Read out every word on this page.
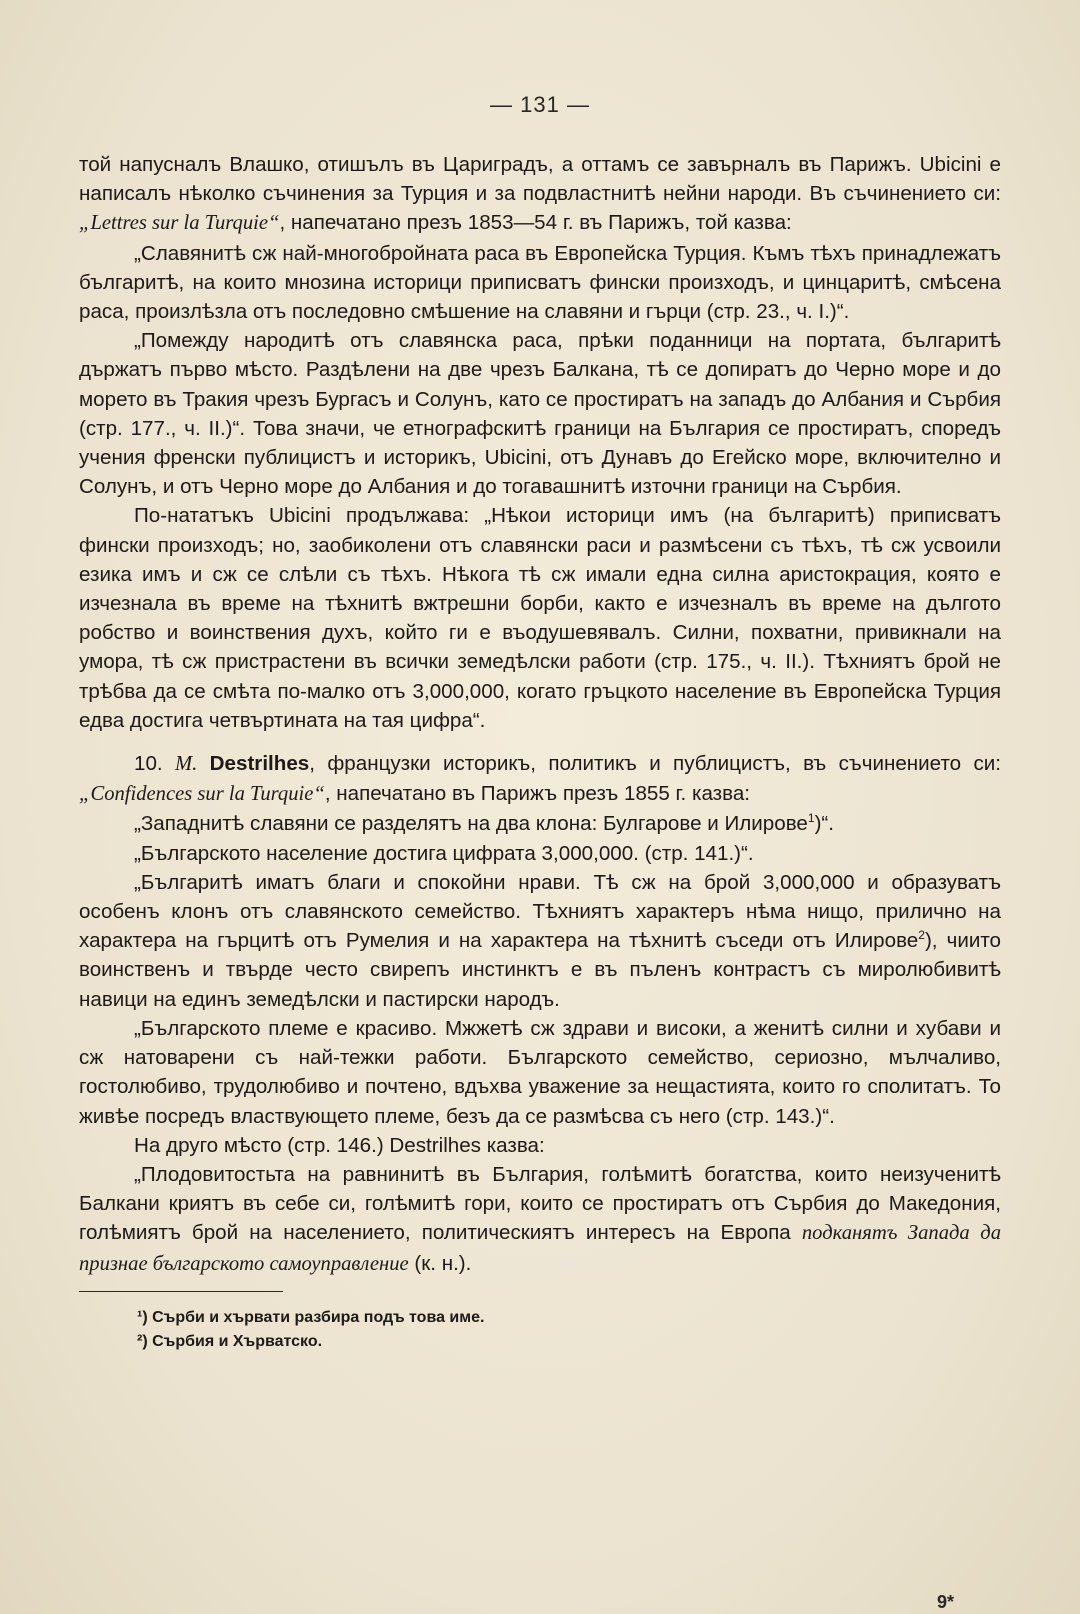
— 131 —

той напусналъ Влашко, отишълъ въ Цариградъ, а оттамъ се завърналъ въ Парижъ. Ubicini е написалъ нѣколко съчинения за Турция и за подвластнитѣ нейни народи. Въ съчинението си: „Lettres sur la Turquie“, напечатано презъ 1853—54 г. въ Парижъ, той казва:

„Славянитѣ сж най-многобройната раса въ Европейска Турция. Къмъ тѣхъ принадлежатъ българитѣ, на които мнозина историци приписватъ фински произходъ, и цинцаритѣ, смѣсена раса, произлѣзла отъ последовно смѣшение на славяни и гърци (стр. 23., ч. I.)“.

„Помежду народитѣ отъ славянска раса, прѣки поданници на портата, българитѣ държатъ първо мѣсто. Раздѣлени на две чрезъ Балкана, тѣ се допиратъ до Черно море и до морето въ Тракия чрезъ Бургасъ и Солунъ, като се простиратъ на западъ до Албания и Сърбия (стр. 177., ч. II.)“. Това значи, че етнографскитѣ граници на България се простиратъ, споредъ учения френски публицистъ и историкъ, Ubicini, отъ Дунавъ до Егейско море, включително и Солунъ, и отъ Черно море до Албания и до тогавашнитѣ източни граници на Сърбия.

По-нататъкъ Ubicini продължава: „Нѣкои историци имъ (на българитѣ) приписватъ фински произходъ; но, заобиколени отъ славянски раси и размѣсени съ тѣхъ, тѣ сж усвоили езика имъ и сж се слѣли съ тѣхъ. Нѣкога тѣ сж имали една силна аристокрация, която е изчезнала въ време на тѣхнитѣ вжтрешни борби, както е изчезналъ въ време на дългото робство и воинствения духъ, който ги е въодушевявалъ. Силни, похватни, привикнали на умора, тѣ сж пристрастени въ всички земедѣлски работи (стр. 175., ч. II.). Тѣхниятъ брой не трѣбва да се смѣта по-малко отъ 3,000,000, когато гръцкото население въ Европейска Турция едва достига четвъртината на тая цифра“.

10. M. Destrilhes, французки историкъ, политикъ и публицистъ, въ съчинението си: „Confidences sur la Turquie“, напечатано въ Парижъ презъ 1855 г. казва:

„Западнитѣ славяни се разделятъ на два клона: Булгарове и Илирове$^1$)“.

„Българското население достига цифрата 3,000,000. (стр. 141.)“.

„Българитѣ иматъ благи и спокойни нрави. Тѣ сж на брой 3,000,000 и образуватъ особенъ клонъ отъ славянското семейство. Тѣхниятъ характеръ нѣма нищо, прилично на характера на гърцитѣ отъ Румелия и на характера на тѣхнитѣ съседи отъ Илирове$^2$), чиито воинственъ и твърде често свирепъ инстинктъ е въ пъленъ контрастъ съ миролюбивитѣ навици на единъ земедѣлски и пастирски народъ.

„Българското племе е красиво. Мжжетѣ сж здрави и високи, а женитѣ силни и хубави и сж натоварени съ най-тежки работи. Българското семейство, сериозно, мълчаливо, гостолюбиво, трудолюбиво и почтено, вдъхва уважение за нещастията, които го сполитатъ. То живѣе посредъ властвующето племе, безъ да се размѣсва съ него (стр. 143.)“.

На друго мѣсто (стр. 146.) Destrilhes казва:

„Плодовитостьта на равнинитѣ въ България, голѣмитѣ богатства, които неизученитѣ Балкани криятъ въ себе си, голѣмитѣ гори, които се простиратъ отъ Сърбия до Македония, голѣмиятъ брой на населението, политическиятъ интересъ на Европа подканятъ Запада да признае българското самоуправление (к. н.).

¹) Сърби и хървати разбира подъ това име.
²) Сърбия и Хърватско.
9*
